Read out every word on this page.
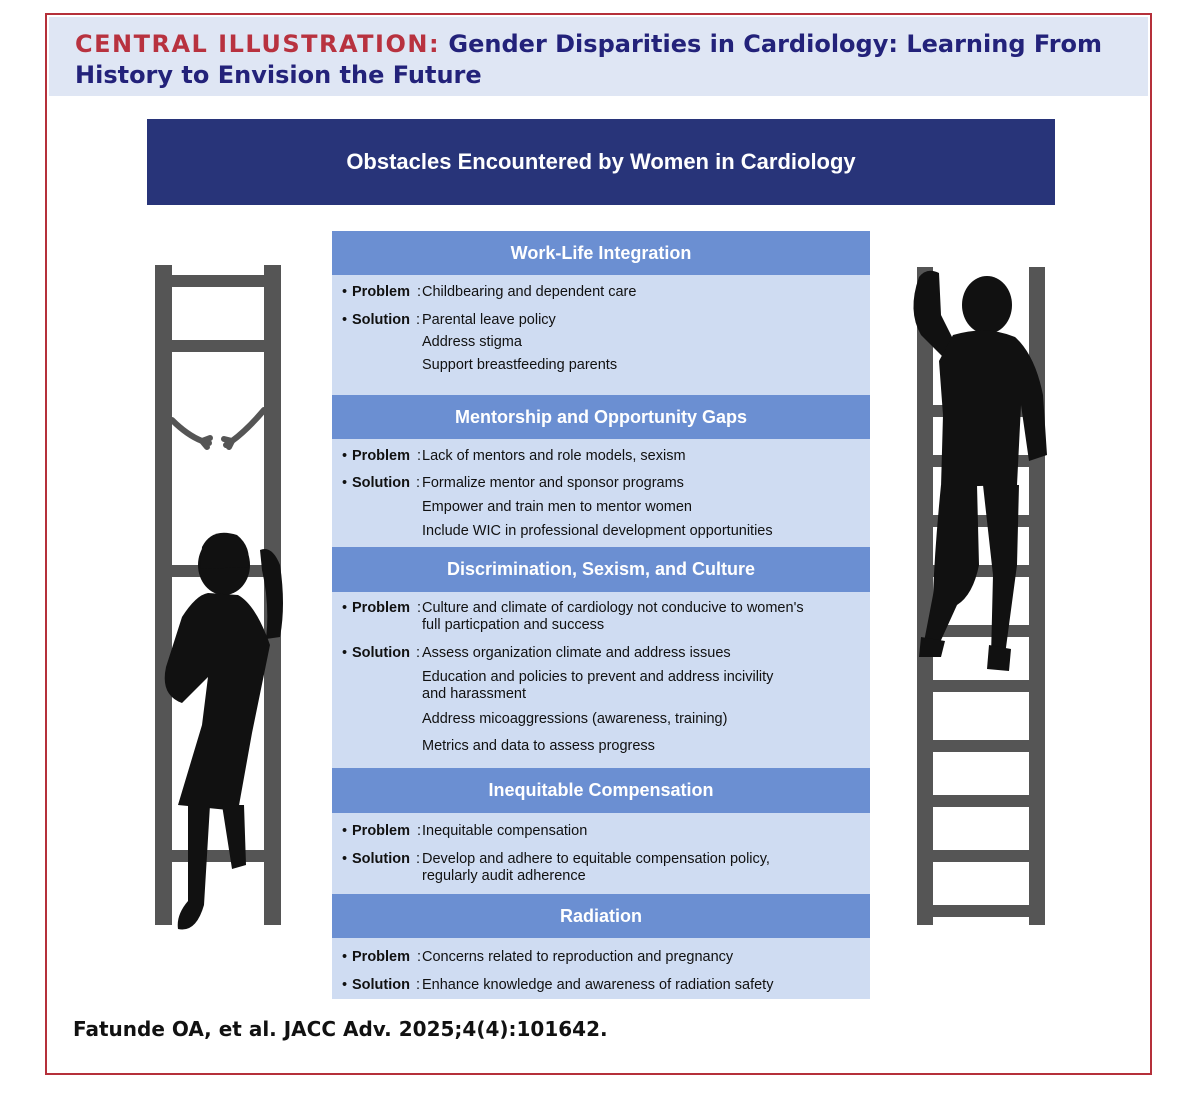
CENTRAL ILLUSTRATION: Gender Disparities in Cardiology: Learning From History to Envision the Future
Obstacles Encountered by Women in Cardiology
Work-Life Integration
• Problem : Childbearing and dependent care
• Solution : Parental leave policy
Address stigma
Support breastfeeding parents
Mentorship and Opportunity Gaps
• Problem : Lack of mentors and role models, sexism
• Solution : Formalize mentor and sponsor programs
Empower and train men to mentor women
Include WIC in professional development opportunities
Discrimination, Sexism, and Culture
• Problem : Culture and climate of cardiology not conducive to women's
full particpation and success
• Solution : Assess organization climate and address issues
Education and policies to prevent and address incivility
and harassment
Address micoaggressions (awareness, training)
Metrics and data to assess progress
Inequitable Compensation
• Problem : Inequitable compensation
• Solution : Develop and adhere to equitable compensation policy,
regularly audit adherence
Radiation
• Problem : Concerns related to reproduction and pregnancy
• Solution : Enhance knowledge and awareness of radiation safety
Fatunde OA, et al. JACC Adv. 2025;4(4):101642.
